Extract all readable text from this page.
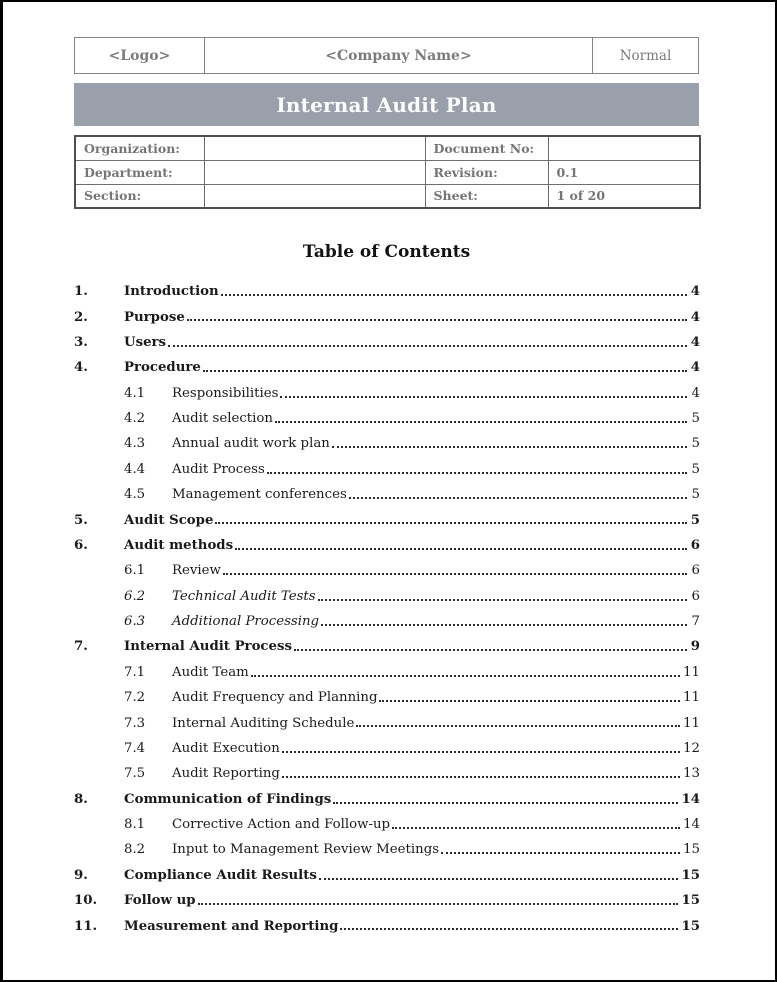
<Logo>	<Company Name>	Normal
Internal Audit Plan
Organization:		Document No:	
Department:		Revision:	0.1
Section:		Sheet:	1 of 20
Table of Contents
1.	Introduction	4
2.	Purpose	4
3.	Users	4
4.	Procedure	4
4.1	Responsibilities	4
4.2	Audit selection	5
4.3	Annual audit work plan	5
4.4	Audit Process	5
4.5	Management conferences	5
5.	Audit Scope	5
6.	Audit methods	6
6.1	Review	6
6.2	Technical Audit Tests	6
6.3	Additional Processing	7
7.	Internal Audit Process	9
7.1	Audit Team	11
7.2	Audit Frequency and Planning	11
7.3	Internal Auditing Schedule	11
7.4	Audit Execution	12
7.5	Audit Reporting	13
8.	Communication of Findings	14
8.1	Corrective Action and Follow-up	14
8.2	Input to Management Review Meetings	15
9.	Compliance Audit Results	15
10.	Follow up	15
11.	Measurement and Reporting	15
